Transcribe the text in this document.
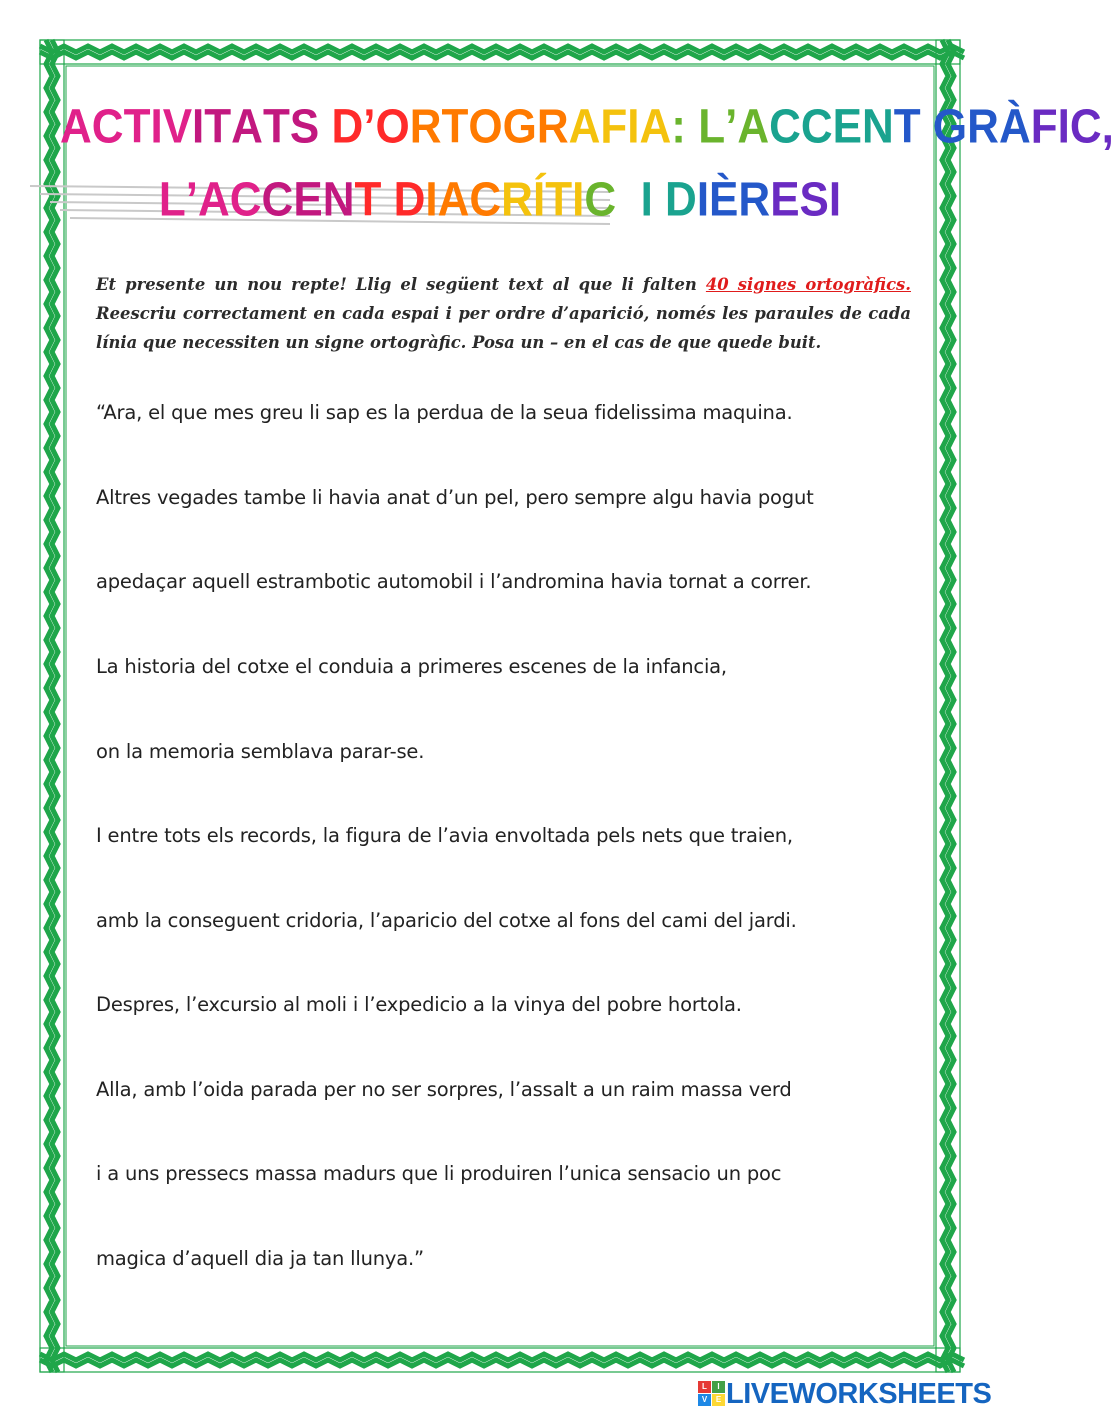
ACTIVITATS D’ORTOGRAFIA: L’ACCENT GRÀFIC,
L’ACCENT DIACRÍTIC I DIÈRESI
Et presente un nou repte! Llig el següent text al que li falten 40 signes ortogràfics. Reescriu correctament en cada espai i per ordre d’aparició, només les paraules de cada línia que necessiten un signe ortogràfic. Posa un – en el cas de que quede buit.
“Ara, el que mes greu li sap es la perdua de la seua fidelissima maquina.
Altres vegades tambe li havia anat d’un pel, pero sempre algu havia pogut
apedaçar aquell estrambotic automobil i l’andromina havia tornat a correr.
La historia del cotxe el conduia a primeres escenes de la infancia,
on la memoria semblava parar-se.
I entre tots els records, la figura de l’avia envoltada pels nets que traien,
amb la conseguent cridoria, l’aparicio del cotxe al fons del cami del jardi.
Despres, l’excursio al moli i l’expedicio a la vinya del pobre hortola.
Alla, amb l’oida parada per no ser sorpres, l’assalt a un raim massa verd
i a uns pressecs massa madurs que li produiren l’unica sensacio un poc
magica d’aquell dia ja tan llunya.”
L	I
V	E LIVEWORKSHEETS
